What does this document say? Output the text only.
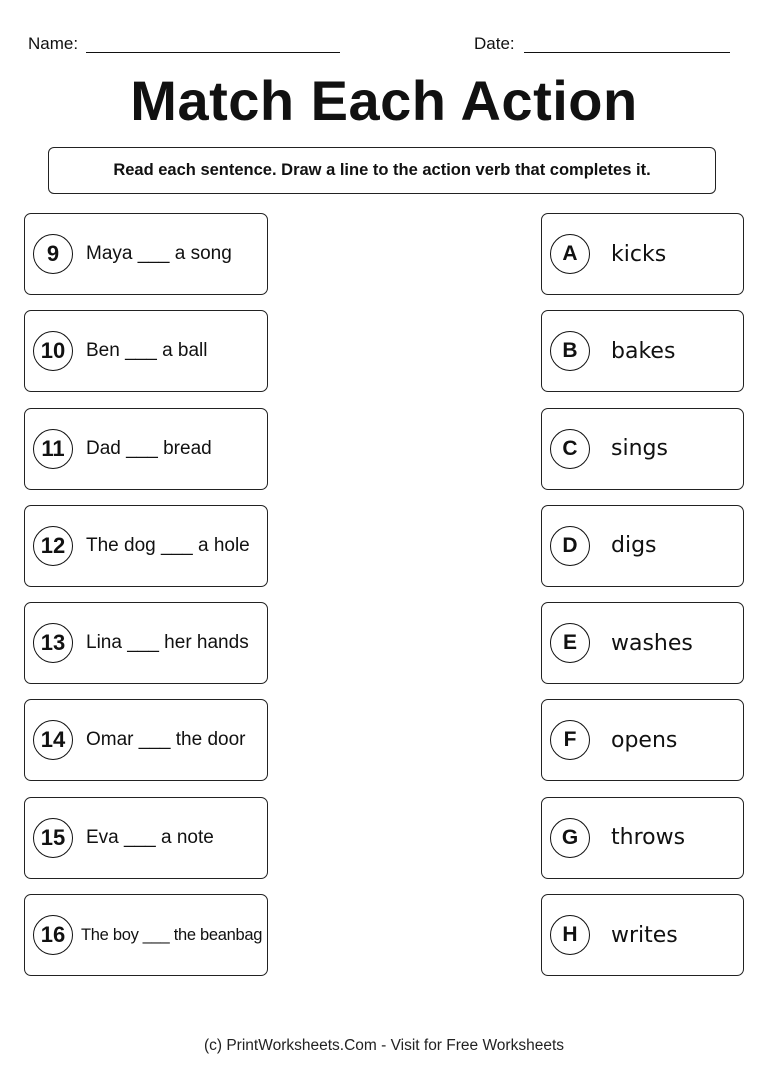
Name:	Date:
Match Each Action
Read each sentence. Draw a line to the action verb that completes it.
9	Maya ___ a song
10	Ben ___ a ball
11	Dad ___ bread
12	The dog ___ a hole
13	Lina ___ her hands
14	Omar ___ the door
15	Eva ___ a note
16 The boy ___ the beanbag
A	kicks
B	bakes
C	sings
D	digs
E	washes
F	opens
G	throws
H	writes
(c) PrintWorksheets.Com - Visit for Free Worksheets
